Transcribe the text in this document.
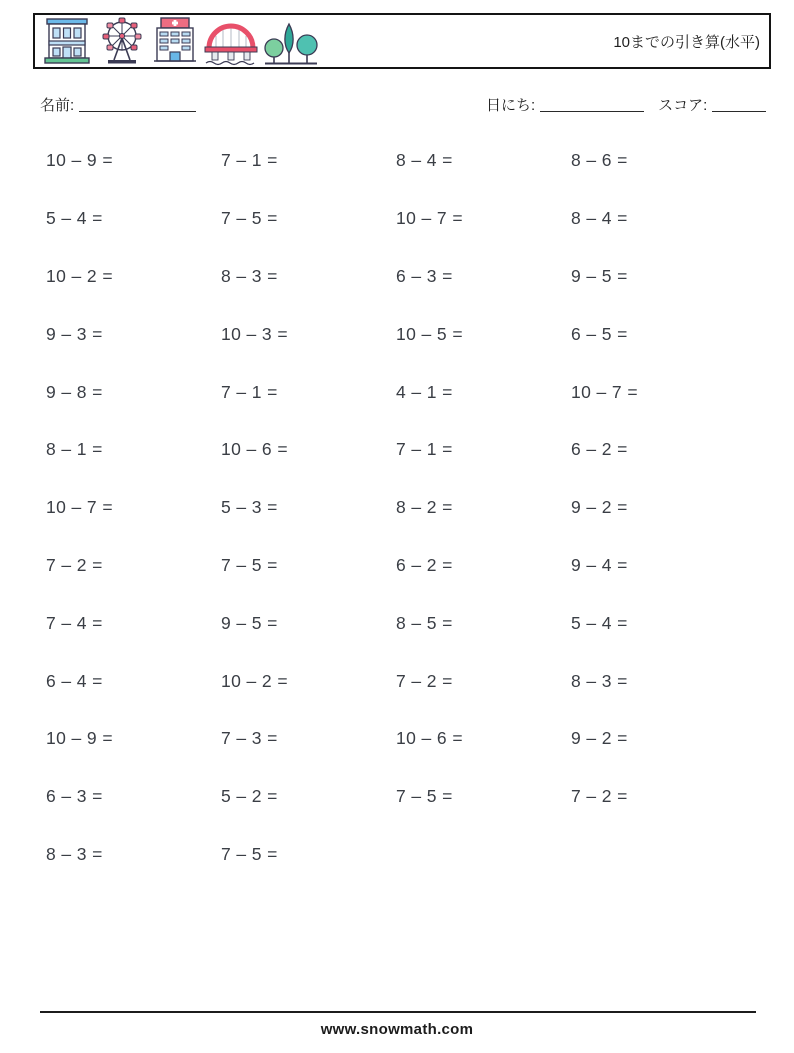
10までの引き算(水平)
名前:	日にち:	スコア:
10 – 9 =	7 – 1 =	8 – 4 =	8 – 6 =
5 – 4 =	7 – 5 =	10 – 7 =	8 – 4 =
10 – 2 =	8 – 3 =	6 – 3 =	9 – 5 =
9 – 3 =	10 – 3 =	10 – 5 =	6 – 5 =
9 – 8 =	7 – 1 =	4 – 1 =	10 – 7 =
8 – 1 =	10 – 6 =	7 – 1 =	6 – 2 =
10 – 7 =	5 – 3 =	8 – 2 =	9 – 2 =
7 – 2 =	7 – 5 =	6 – 2 =	9 – 4 =
7 – 4 =	9 – 5 =	8 – 5 =	5 – 4 =
6 – 4 =	10 – 2 =	7 – 2 =	8 – 3 =
10 – 9 =	7 – 3 =	10 – 6 =	9 – 2 =
6 – 3 =	5 – 2 =	7 – 5 =	7 – 2 =
8 – 3 =	7 – 5 =
www.snowmath.com
